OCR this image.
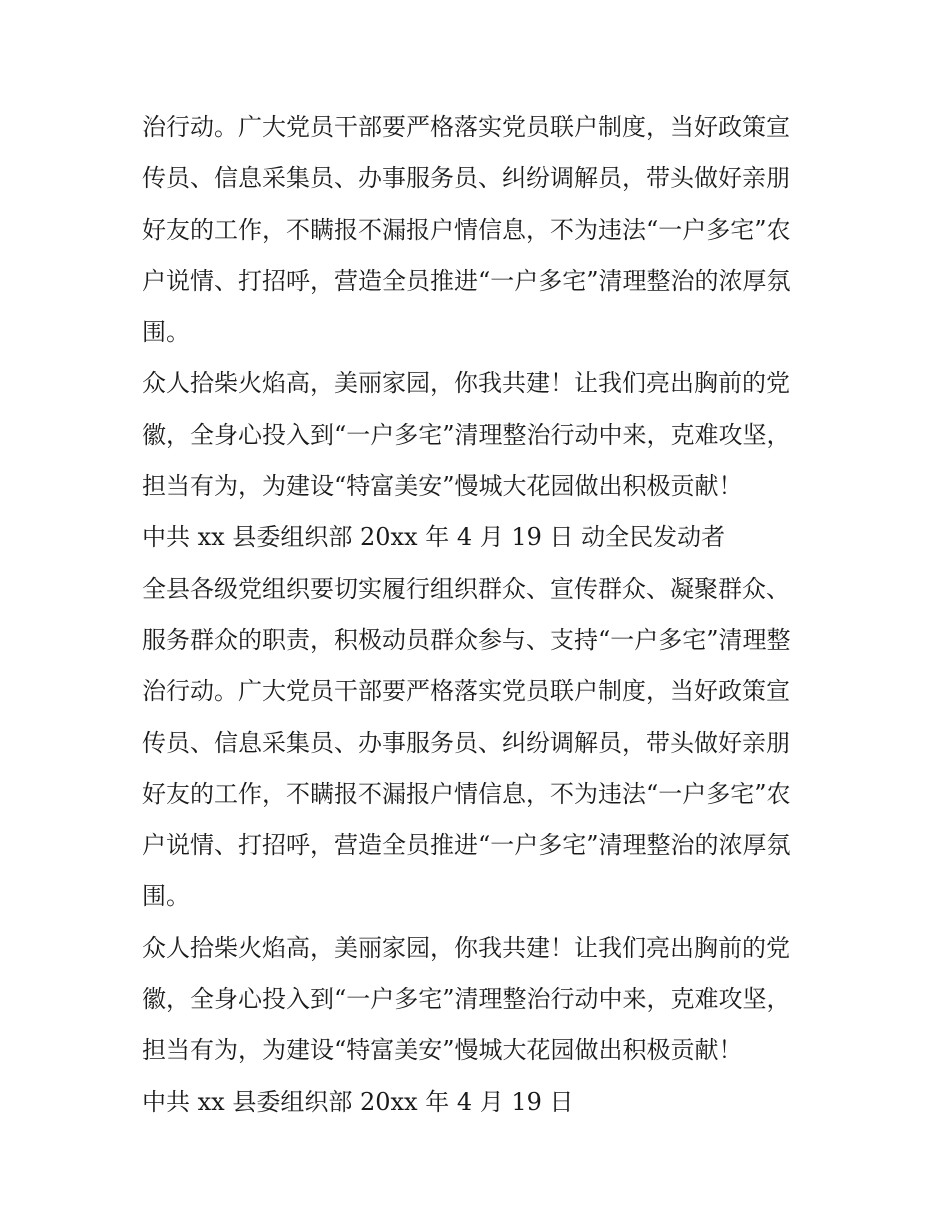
治行动。广大党员干部要严格落实党员联户制度，当好政策宣
传员、信息采集员、办事服务员、纠纷调解员，带头做好亲朋
好友的工作，不瞒报不漏报户情信息，不为违法“一户多宅”农
户说情、打招呼，营造全员推进“一户多宅”清理整治的浓厚氛
围。
众人拾柴火焰高，美丽家园，你我共建！让我们亮出胸前的党
徽，全身心投入到“一户多宅”清理整治行动中来，克难攻坚，
担当有为，为建设“特富美安”慢城大花园做出积极贡献！
中共 xx 县委组织部 20xx 年 4 月 19 日 动全民发动者
全县各级党组织要切实履行组织群众、宣传群众、凝聚群众、
服务群众的职责，积极动员群众参与、支持“一户多宅”清理整
治行动。广大党员干部要严格落实党员联户制度，当好政策宣
传员、信息采集员、办事服务员、纠纷调解员，带头做好亲朋
好友的工作，不瞒报不漏报户情信息，不为违法“一户多宅”农
户说情、打招呼，营造全员推进“一户多宅”清理整治的浓厚氛
围。
众人拾柴火焰高，美丽家园，你我共建！让我们亮出胸前的党
徽，全身心投入到“一户多宅”清理整治行动中来，克难攻坚，
担当有为，为建设“特富美安”慢城大花园做出积极贡献！
中共 xx 县委组织部 20xx 年 4 月 19 日
